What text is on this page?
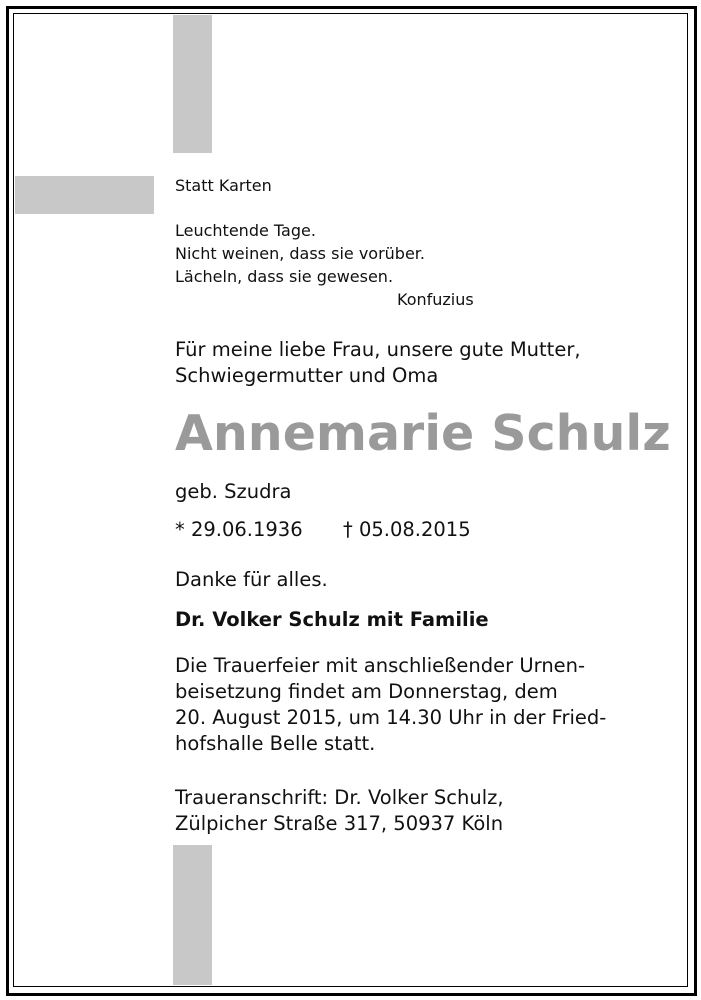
Statt Karten
Leuchtende Tage.
Nicht weinen, dass sie vorüber.
Lächeln, dass sie gewesen.
Konfuzius
Für meine liebe Frau, unsere gute Mutter,
Schwiegermutter und Oma
Annemarie Schulz
geb. Szudra
* 29.06.1936 † 05.08.2015
Danke für alles.
Dr. Volker Schulz mit Familie
Die Trauerfeier mit anschließender Urnen-
beisetzung findet am Donnerstag, dem
20. August 2015, um 14.30 Uhr in der Fried-
hofshalle Belle statt.
Traueranschrift: Dr. Volker Schulz,
Zülpicher Straße 317, 50937 Köln
